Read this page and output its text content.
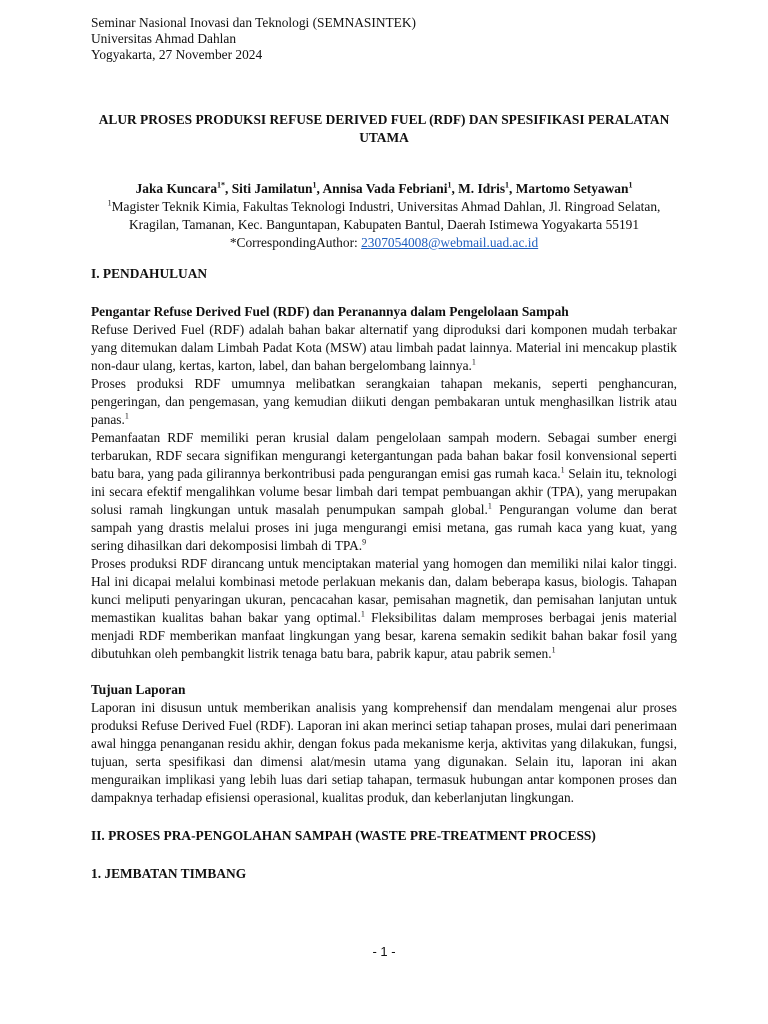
Seminar Nasional Inovasi dan Teknologi (SEMNASINTEK)
Universitas Ahmad Dahlan
Yogyakarta, 27 November 2024
ALUR PROSES PRODUKSI REFUSE DERIVED FUEL (RDF) DAN SPESIFIKASI PERALATAN UTAMA
Jaka Kuncara$^{1*}$, Siti Jamilatun$^1$, Annisa Vada Febriani$^1$, M. Idris$^1$, Martomo Setyawan$^1$
$^1$Magister Teknik Kimia, Fakultas Teknologi Industri, Universitas Ahmad Dahlan, Jl. Ringroad Selatan, Kragilan, Tamanan, Kec. Banguntapan, Kabupaten Bantul, Daerah Istimewa Yogyakarta 55191
*CorrespondingAuthor: 2307054008@webmail.uad.ac.id

I. PENDAHULUAN

Pengantar Refuse Derived Fuel (RDF) dan Peranannya dalam Pengelolaan Sampah

Refuse Derived Fuel (RDF) adalah bahan bakar alternatif yang diproduksi dari komponen mudah terbakar yang ditemukan dalam Limbah Padat Kota (MSW) atau limbah padat lainnya. Material ini mencakup plastik non-daur ulang, kertas, karton, label, dan bahan bergelombang lainnya.$^1$

Proses produksi RDF umumnya melibatkan serangkaian tahapan mekanis, seperti penghancuran, pengeringan, dan pengemasan, yang kemudian diikuti dengan pembakaran untuk menghasilkan listrik atau panas.$^1$

Pemanfaatan RDF memiliki peran krusial dalam pengelolaan sampah modern. Sebagai sumber energi terbarukan, RDF secara signifikan mengurangi ketergantungan pada bahan bakar fosil konvensional seperti batu bara, yang pada gilirannya berkontribusi pada pengurangan emisi gas rumah kaca.$^1$ Selain itu, teknologi ini secara efektif mengalihkan volume besar limbah dari tempat pembuangan akhir (TPA), yang merupakan solusi ramah lingkungan untuk masalah penumpukan sampah global.$^1$ Pengurangan volume dan berat sampah yang drastis melalui proses ini juga mengurangi emisi metana, gas rumah kaca yang kuat, yang sering dihasilkan dari dekomposisi limbah di TPA.$^9$

Proses produksi RDF dirancang untuk menciptakan material yang homogen dan memiliki nilai kalor tinggi. Hal ini dicapai melalui kombinasi metode perlakuan mekanis dan, dalam beberapa kasus, biologis. Tahapan kunci meliputi penyaringan ukuran, pencacahan kasar, pemisahan magnetik, dan pemisahan lanjutan untuk memastikan kualitas bahan bakar yang optimal.$^1$ Fleksibilitas dalam memproses berbagai jenis material menjadi RDF memberikan manfaat lingkungan yang besar, karena semakin sedikit bahan bakar fosil yang dibutuhkan oleh pembangkit listrik tenaga batu bara, pabrik kapur, atau pabrik semen.$^1$

Tujuan Laporan

Laporan ini disusun untuk memberikan analisis yang komprehensif dan mendalam mengenai alur proses produksi Refuse Derived Fuel (RDF). Laporan ini akan merinci setiap tahapan proses, mulai dari penerimaan awal hingga penanganan residu akhir, dengan fokus pada mekanisme kerja, aktivitas yang dilakukan, fungsi, tujuan, serta spesifikasi dan dimensi alat/mesin utama yang digunakan. Selain itu, laporan ini akan menguraikan implikasi yang lebih luas dari setiap tahapan, termasuk hubungan antar komponen proses dan dampaknya terhadap efisiensi operasional, kualitas produk, dan keberlanjutan lingkungan.

II. PROSES PRA-PENGOLAHAN SAMPAH (WASTE PRE-TREATMENT PROCESS)

1. JEMBATAN TIMBANG

- 1 -
